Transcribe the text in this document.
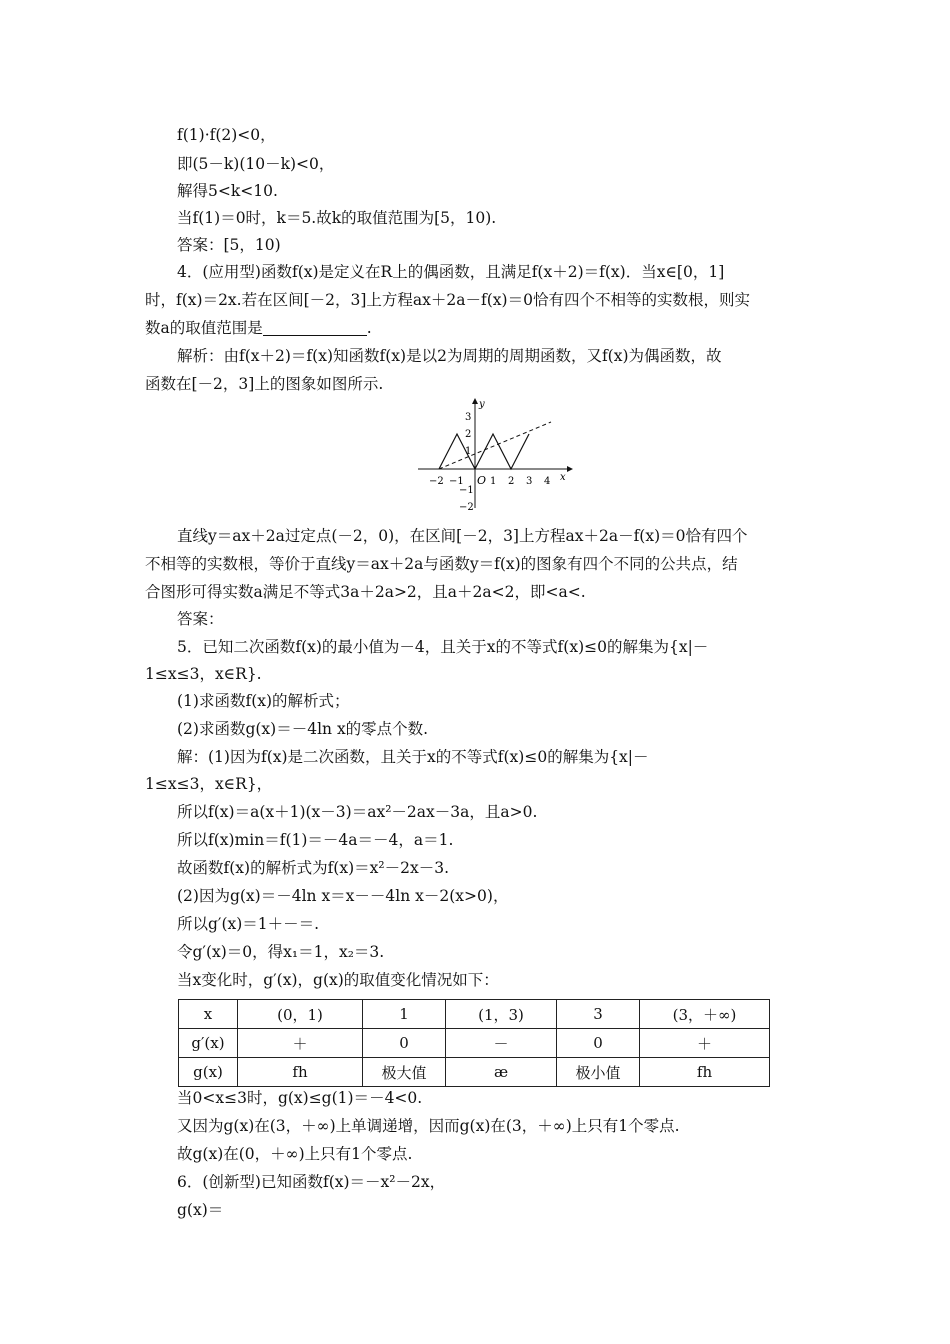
f(1)·f(2)<0，
即(5－k)(10－k)<0，
解得5<k<10.
当f(1)＝0时，k＝5.故k的取值范围为[5，10).
答案：[5，10)
4．(应用型)函数f(x)是定义在R上的偶函数，且满足f(x＋2)＝f(x)．当x∈[0，1]
时，f(x)＝2x.若在区间[－2，3]上方程ax＋2a－f(x)＝0恰有四个不相等的实数根，则实
数a的取值范围是	.
解析：由f(x＋2)＝f(x)知函数f(x)是以2为周期的周期函数，又f(x)为偶函数，故
函数在[－2，3]上的图象如图所示.
−2 −1 O 1 2 3 4 x
3
2
1
−1
−2
y
直线y＝ax＋2a过定点(－2，0)，在区间[－2，3]上方程ax＋2a－f(x)＝0恰有四个
不相等的实数根，等价于直线y＝ax＋2a与函数y＝f(x)的图象有四个不同的公共点，结
合图形可得实数a满足不等式3a＋2a>2，且a＋2a<2，即<a<.
答案：
5．已知二次函数f(x)的最小值为－4，且关于x的不等式f(x)≤0的解集为{x|－
1≤x≤3，x∈R}.
(1)求函数f(x)的解析式；
(2)求函数g(x)＝－4ln x的零点个数.
解：(1)因为f(x)是二次函数，且关于x的不等式f(x)≤0的解集为{x|－
1≤x≤3，x∈R}，
所以f(x)＝a(x＋1)(x－3)＝ax²－2ax－3a，且a>0.
所以f(x)min＝f(1)＝－4a＝－4，a＝1.
故函数f(x)的解析式为f(x)＝x²－2x－3.
(2)因为g(x)＝－4ln x＝x－－4ln x－2(x>0)，
所以g′(x)＝1＋－＝.
令g′(x)＝0，得x₁＝1，x₂＝3.
当x变化时，g′(x)，g(x)的取值变化情况如下：
x	(0，1)	1	(1，3)	3	(3，＋∞)
g′(x)	＋	0	－	0	＋
g(x)	fh	极大值	æ	极小值	fh
当0<x≤3时，g(x)≤g(1)＝－4<0.
又因为g(x)在(3，＋∞)上单调递增，因而g(x)在(3，＋∞)上只有1个零点.
故g(x)在(0，＋∞)上只有1个零点.
6．(创新型)已知函数f(x)＝－x²－2x，
g(x)＝
